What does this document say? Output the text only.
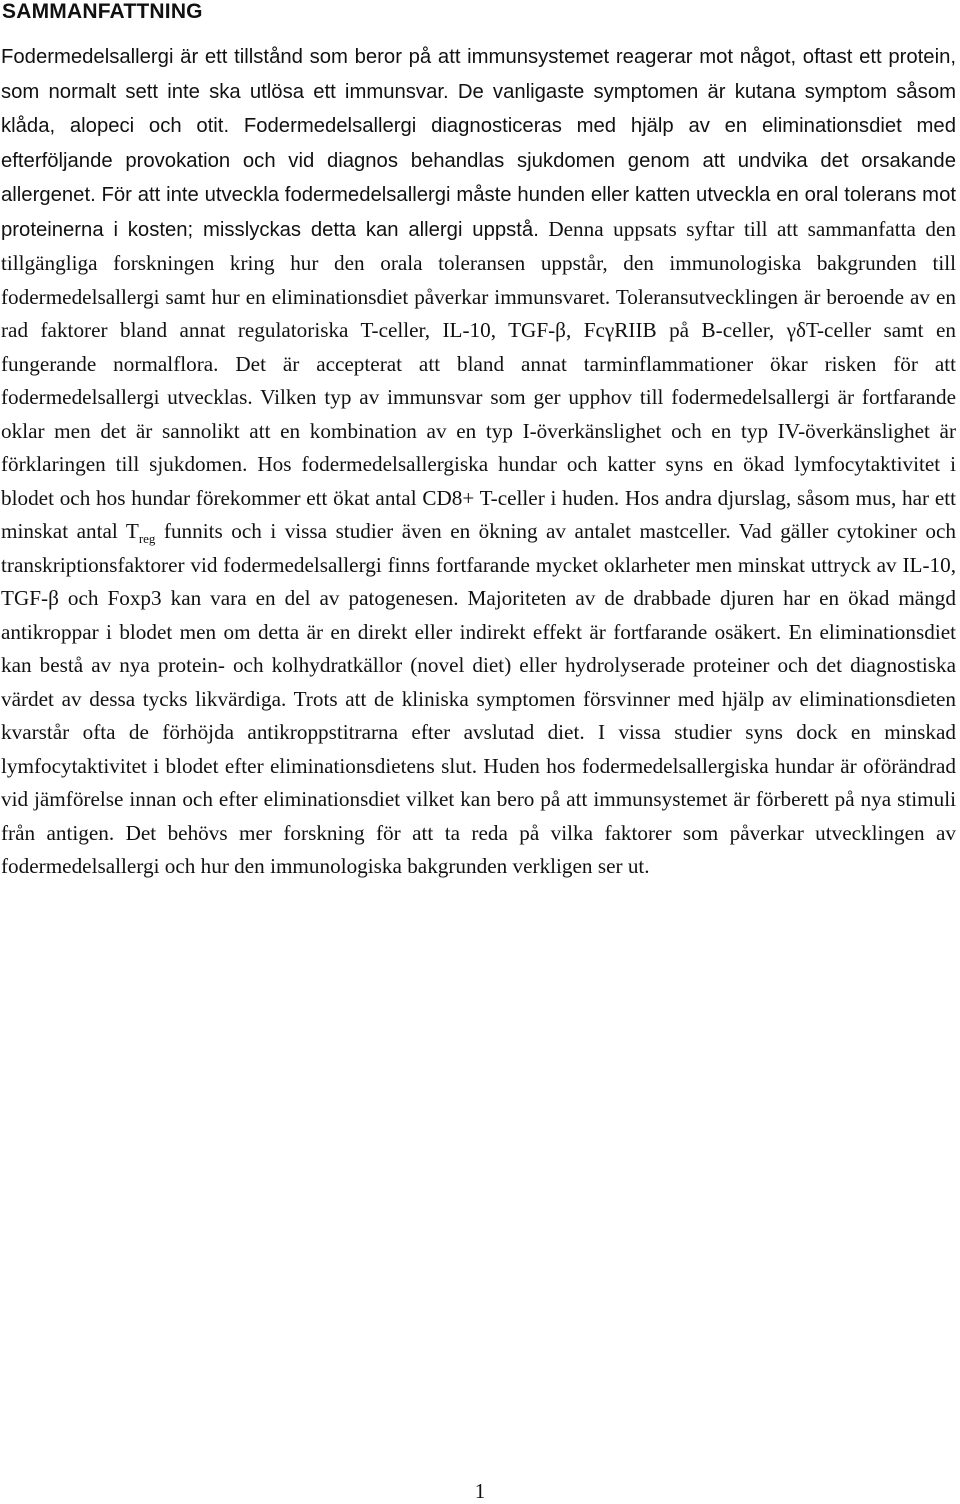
SAMMANFATTNING

Fodermedelsallergi är ett tillstånd som beror på att immunsystemet reagerar mot något, oftast ett protein, som normalt sett inte ska utlösa ett immunsvar. De vanligaste symptomen är kutana symptom såsom klåda, alopeci och otit. Fodermedelsallergi diagnosticeras med hjälp av en eliminationsdiet med efterföljande provokation och vid diagnos behandlas sjukdomen genom att undvika det orsakande allergenet. För att inte utveckla fodermedelsallergi måste hunden eller katten utveckla en oral tolerans mot proteinerna i kosten; misslyckas detta kan allergi uppstå. Denna uppsats syftar till att sammanfatta den tillgängliga forskningen kring hur den orala toleransen uppstår, den immunologiska bakgrunden till fodermedelsallergi samt hur en eliminationsdiet påverkar immunsvaret. Toleransutvecklingen är beroende av en rad faktorer bland annat regulatoriska T-celler, IL-10, TGF-β, FcγRIIB på B-celler, γδT-celler samt en fungerande normalflora. Det är accepterat att bland annat tarminflammationer ökar risken för att fodermedelsallergi utvecklas. Vilken typ av immunsvar som ger upphov till fodermedelsallergi är fortfarande oklar men det är sannolikt att en kombination av en typ I-överkänslighet och en typ IV-överkänslighet är förklaringen till sjukdomen. Hos fodermedelsallergiska hundar och katter syns en ökad lymfocytaktivitet i blodet och hos hundar förekommer ett ökat antal CD8+ T-celler i huden. Hos andra djurslag, såsom mus, har ett minskat antal $T_{reg}$ funnits och i vissa studier även en ökning av antalet mastceller. Vad gäller cytokiner och transkriptionsfaktorer vid fodermedelsallergi finns fortfarande mycket oklarheter men minskat uttryck av IL-10, TGF-β och Foxp3 kan vara en del av patogenesen. Majoriteten av de drabbade djuren har en ökad mängd antikroppar i blodet men om detta är en direkt eller indirekt effekt är fortfarande osäkert. En eliminationsdiet kan bestå av nya protein- och kolhydratkällor (novel diet) eller hydrolyserade proteiner och det diagnostiska värdet av dessa tycks likvärdiga. Trots att de kliniska symptomen försvinner med hjälp av eliminationsdieten kvarstår ofta de förhöjda antikroppstitrarna efter avslutad diet. I vissa studier syns dock en minskad lymfocytaktivitet i blodet efter eliminationsdietens slut. Huden hos fodermedelsallergiska hundar är oförändrad vid jämförelse innan och efter eliminationsdiet vilket kan bero på att immunsystemet är förberett på nya stimuli från antigen. Det behövs mer forskning för att ta reda på vilka faktorer som påverkar utvecklingen av fodermedelsallergi och hur den immunologiska bakgrunden verkligen ser ut.

1
